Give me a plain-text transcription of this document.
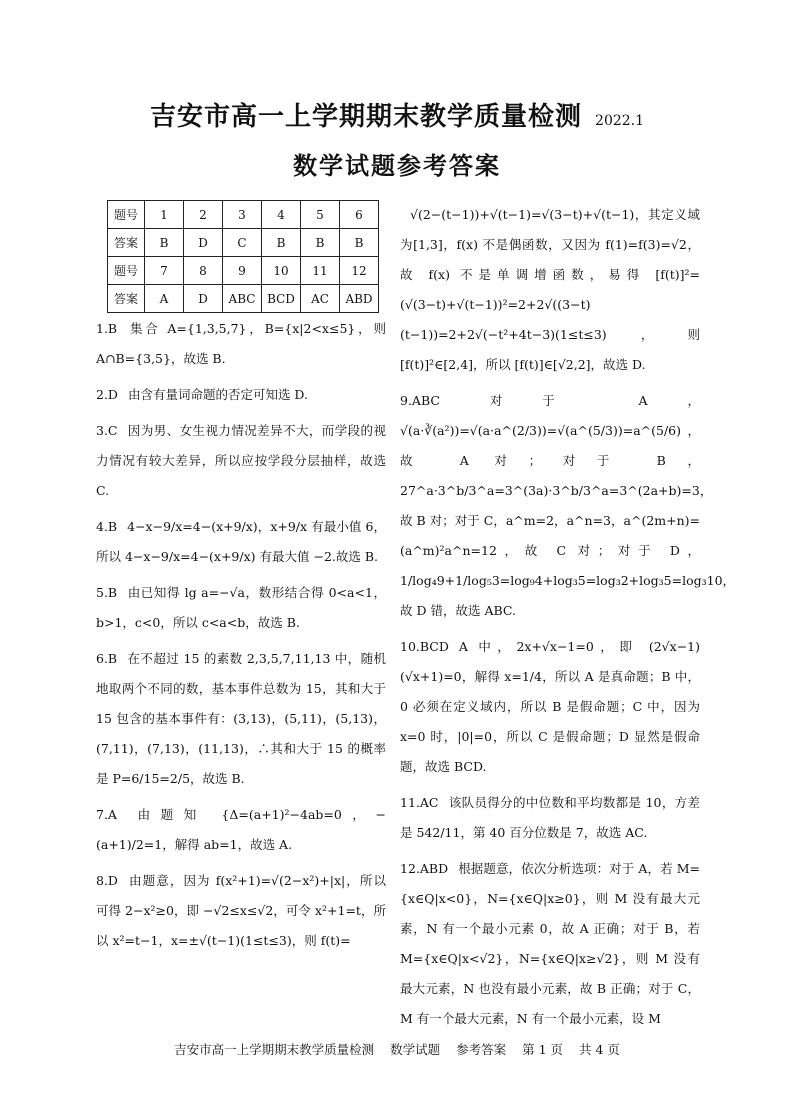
吉安市高一上学期期末教学质量检测 2022.1
数学试题参考答案
题号	1	2	3	4	5	6
答案	B	D	C	B	B	B
题号	7	8	9	10	11	12
答案	A	D	ABC	BCD	AC	ABD

1.B 集合 A={1,3,5,7}，B={x|2<x≤5}，则 A∩B={3,5}，故选 B.

2.D 由含有量词命题的否定可知选 D.

3.C 因为男、女生视力情况差异不大，而学段的视力情况有较大差异，所以应按学段分层抽样，故选 C.

4.B 4−x−9/x=4−(x+9/x)，x+9/x 有最小值 6，所以 4−x−9/x=4−(x+9/x) 有最大值 −2.故选 B.

5.B 由已知得 lg a=−√a，数形结合得 0<a<1，b>1，c<0，所以 c<a<b，故选 B.

6.B 在不超过 15 的素数 2,3,5,7,11,13 中，随机地取两个不同的数，基本事件总数为 15，其和大于 15 包含的基本事件有：(3,13)，(5,11)，(5,13)，(7,11)，(7,13)，(11,13)，∴其和大于 15 的概率是 P=6/15=2/5，故选 B.

7.A 由题知 {Δ=(a+1)²−4ab=0，−(a+1)/2=1，解得 ab=1，故选 A.

8.D 由题意，因为 f(x²+1)=√(2−x²)+|x|，所以可得 2−x²≥0，即 −√2≤x≤√2，可令 x²+1=t，所以 x²=t−1，x=±√(t−1)(1≤t≤3)，则 f(t)=

√(2−(t−1))+√(t−1)=√(3−t)+√(t−1)，其定义域为[1,3]，f(x) 不是偶函数，又因为 f(1)=f(3)=√2，故 f(x) 不是单调增函数，易得 [f(t)]²=(√(3−t)+√(t−1))²=2+2√((3−t)(t−1))=2+2√(−t²+4t−3)(1≤t≤3)，则 [f(t)]²∈[2,4]，所以 [f(t)]∈[√2,2]，故选 D.

9.ABC 对于 A，√(a·∛(a²))=√(a·a^(2/3))=√(a^(5/3))=a^(5/6)，故 A 对；对于 B，27^a·3^b/3^a=3^(3a)·3^b/3^a=3^(2a+b)=3，故 B 对；对于 C，a^m=2，a^n=3，a^(2m+n)=(a^m)²a^n=12，故 C 对；对于 D，1/log₄9+1/log₅3=log₉4+log₃5=log₃2+log₃5=log₃10，故 D 错，故选 ABC.

10.BCD A 中，2x+√x−1=0，即 (2√x−1)(√x+1)=0，解得 x=1/4，所以 A 是真命题；B 中，0 必须在定义域内，所以 B 是假命题；C 中，因为 x=0 时，|0|=0，所以 C 是假命题；D 显然是假命题，故选 BCD.

11.AC 该队员得分的中位数和平均数都是 10，方差是 542/11，第 40 百分位数是 7，故选 AC.

12.ABD 根据题意，依次分析选项：对于 A，若 M={x∈Q|x<0}，N={x∈Q|x≥0}，则 M 没有最大元素，N 有一个最小元素 0，故 A 正确；对于 B，若 M={x∈Q|x<√2}，N={x∈Q|x≥√2}，则 M 没有最大元素，N 也没有最小元素，故 B 正确；对于 C，M 有一个最大元素，N 有一个最小元素，设 M

吉安市高一上学期期末教学质量检测 数学试题 参考答案 第 1 页 共 4 页
